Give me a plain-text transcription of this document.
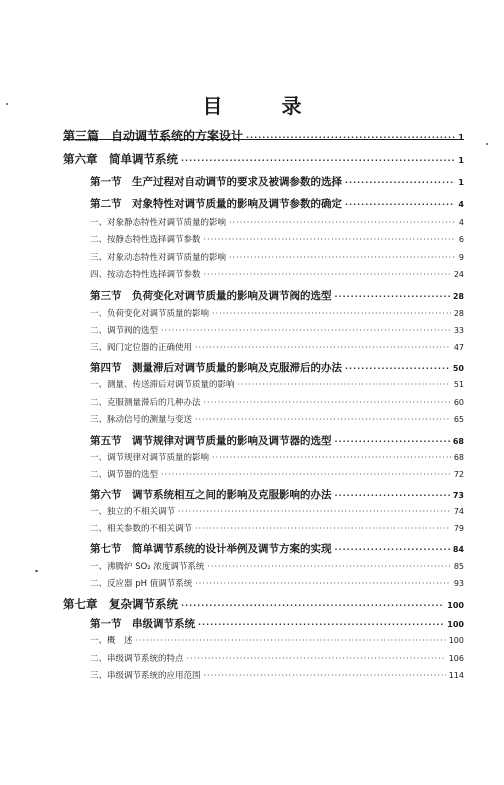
目 录
第三篇　自动调节系统的方案设计 ·····	1
第六章　简单调节系统 ·····	1
第一节　生产过程对自动调节的要求及被调参数的选择 ·····	1
第二节　对象特性对调节质量的影响及调节参数的确定 ·····	4
一、对象静态特性对调节质量的影响 ·····	4
二、按静态特性选择调节参数 ·····	6
三、对象动态特性对调节质量的影响 ·····	9
四、按动态特性选择调节参数 ·····	24
第三节　负荷变化对调节质量的影响及调节阀的选型 ·····	28
一、负荷变化对调节质量的影响 ·····	28
二、调节阀的选型 ·····	33
三、阀门定位器的正确使用 ·····	47
第四节　测量滞后对调节质量的影响及克服滞后的办法 ·····	50
一、测量、传送滞后对调节质量的影响 ·····	51
二、克服测量滞后的几种办法 ·····	60
三、脉动信号的测量与变送 ·····	65
第五节　调节规律对调节质量的影响及调节器的选型 ·····	68
一、调节规律对调节质量的影响 ·····	68
二、调节器的选型 ·····	72
第六节　调节系统相互之间的影响及克服影响的办法 ·····	73
一、独立的不相关调节 ·····	74
二、相关参数的不相关调节 ·····	79
第七节　简单调节系统的设计举例及调节方案的实现 ·····	84
一、沸腾炉 SO₂ 浓度调节系统 ·····	85
二、反应器 pH 值调节系统 ·····	93
第七章　复杂调节系统 ·····	100
第一节　串级调节系统 ·····	100
一、概　述 ·····	100
二、串级调节系统的特点 ·····	106
三、串级调节系统的应用范围 ·····	114
